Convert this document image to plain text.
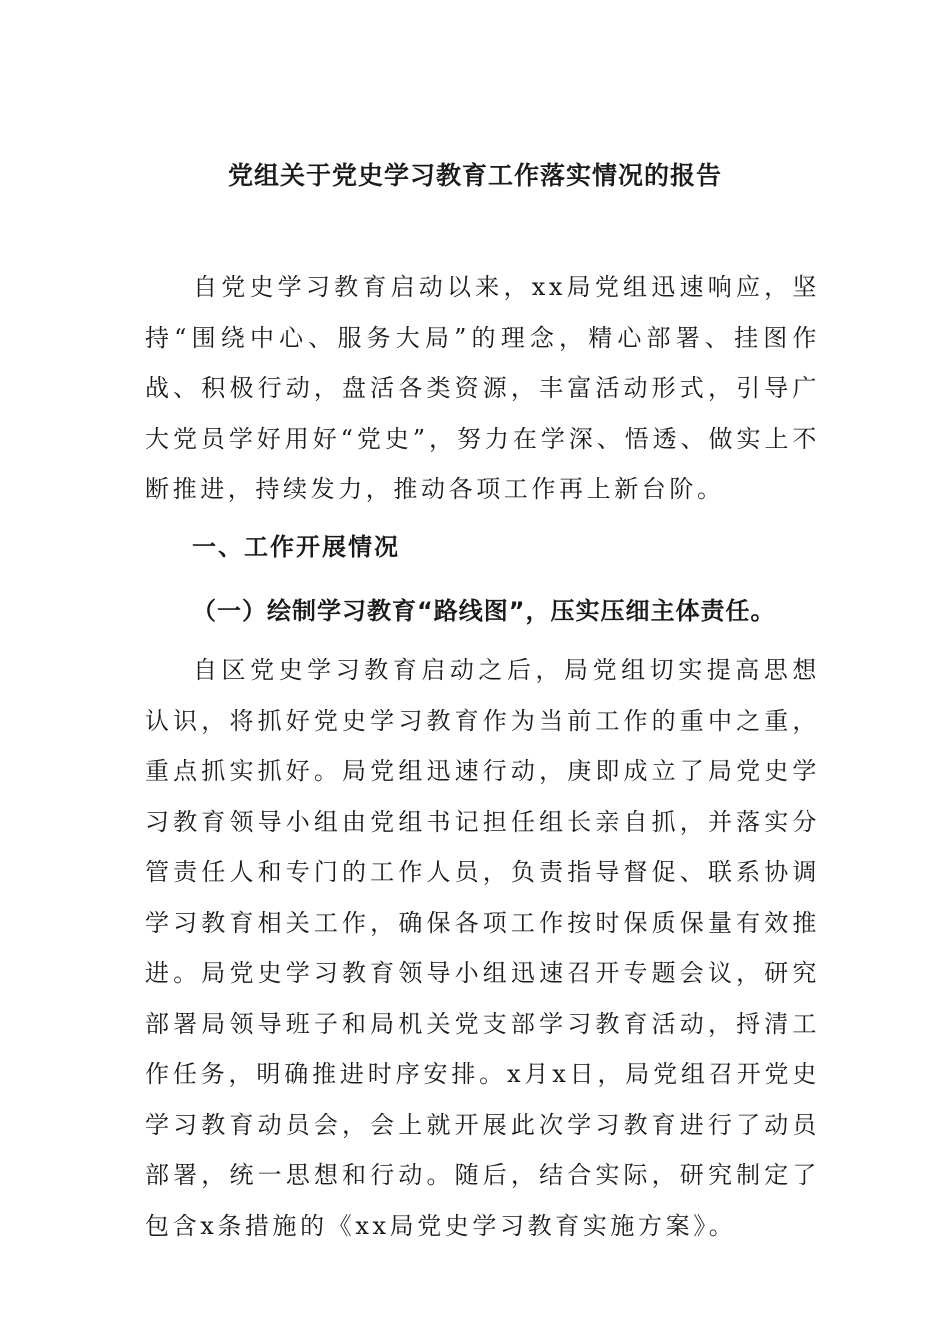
党组关于党史学习教育工作落实情况的报告
自党史学习教育启动以来，xx局党组迅速响应，坚持“围绕中心、服务大局”的理念，精心部署、挂图作战、积极行动，盘活各类资源，丰富活动形式，引导广大党员学好用好“党史”，努力在学深、悟透、做实上不断推进，持续发力，推动各项工作再上新台阶。
一、工作开展情况
（一）绘制学习教育“路线图”，压实压细主体责任。
自区党史学习教育启动之后，局党组切实提高思想认识，将抓好党史学习教育作为当前工作的重中之重，重点抓实抓好。局党组迅速行动，庚即成立了局党史学习教育领导小组由党组书记担任组长亲自抓，并落实分管责任人和专门的工作人员，负责指导督促、联系协调学习教育相关工作，确保各项工作按时保质保量有效推进。局党史学习教育领导小组迅速召开专题会议，研究部署局领导班子和局机关党支部学习教育活动，捋清工作任务，明确推进时序安排。x月x日，局党组召开党史学习教育动员会，会上就开展此次学习教育进行了动员部署，统一思想和行动。随后，结合实际，研究制定了包含x条措施的《xx局党史学习教育实施方案》。
